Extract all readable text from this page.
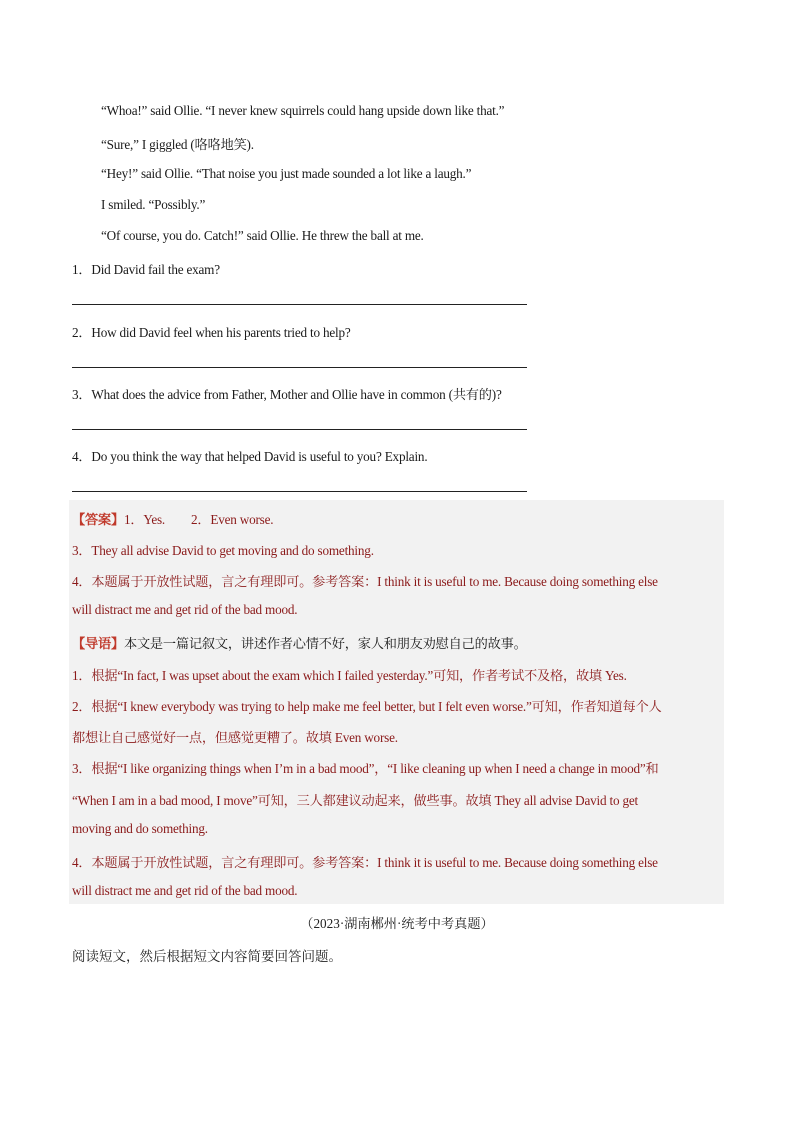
“Whoa!” said Ollie. “I never knew squirrels could hang upside down like that.”
“Sure,” I giggled (咯咯地笑).
“Hey!” said Ollie. “That noise you just made sounded a lot like a laugh.”
I smiled. “Possibly.”
“Of course, you do. Catch!” said Ollie. He threw the ball at me.
1．Did David fail the exam?
2．How did David feel when his parents tried to help?
3．What does the advice from Father, Mother and Ollie have in common (共有的)?
4．Do you think the way that helped David is useful to you? Explain.
【答案】1．Yes.　　2．Even worse.
3．They all advise David to get moving and do something.
4．本题属于开放性试题，言之有理即可。参考答案：I think it is useful to me. Because doing something else
will distract me and get rid of the bad mood.
【导语】本文是一篇记叙文，讲述作者心情不好，家人和朋友劝慰自己的故事。
1．根据“In fact, I was upset about the exam which I failed yesterday.”可知，作者考试不及格，故填 Yes.
2．根据“I knew everybody was trying to help make me feel better, but I felt even worse.”可知，作者知道每个人
都想让自己感觉好一点，但感觉更糟了。故填 Even worse.
3．根据“I like organizing things when I’m in a bad mood”，“I like cleaning up when I need a change in mood”和
“When I am in a bad mood, I move”可知，三人都建议动起来，做些事。故填 They all advise David to get
moving and do something.
4．本题属于开放性试题，言之有理即可。参考答案：I think it is useful to me. Because doing something else
will distract me and get rid of the bad mood.
（2023·湖南郴州·统考中考真题）
阅读短文，然后根据短文内容简要回答问题。
